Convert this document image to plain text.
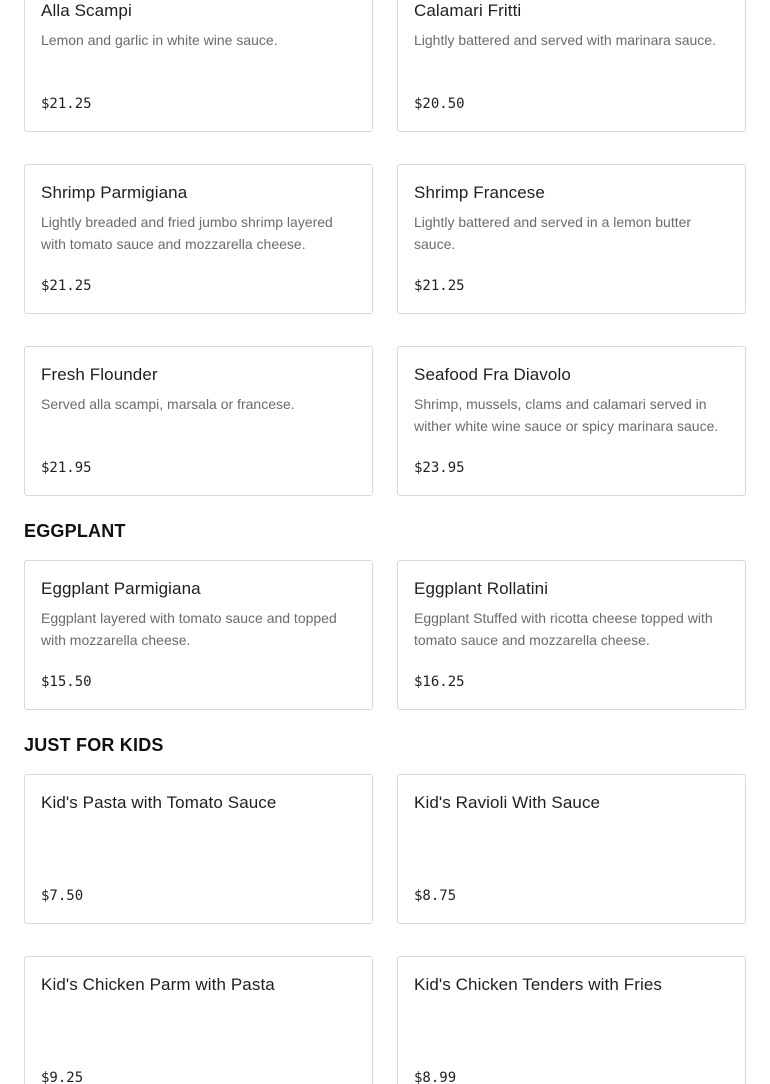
Alla Scampi
Lemon and garlic in white wine sauce.
$21.25
Calamari Fritti
Lightly battered and served with marinara sauce.
$20.50
Shrimp Parmigiana
Lightly breaded and fried jumbo shrimp layered with tomato sauce and mozzarella cheese.
$21.25
Shrimp Francese
Lightly battered and served in a lemon butter sauce.
$21.25
Fresh Flounder
Served alla scampi, marsala or francese.
$21.95
Seafood Fra Diavolo
Shrimp, mussels, clams and calamari served in wither white wine sauce or spicy marinara sauce.
$23.95
EGGPLANT
Eggplant Parmigiana
Eggplant layered with tomato sauce and topped with mozzarella cheese.
$15.50
Eggplant Rollatini
Eggplant Stuffed with ricotta cheese topped with tomato sauce and mozzarella cheese.
$16.25
JUST FOR KIDS
Kid's Pasta with Tomato Sauce
$7.50
Kid's Ravioli With Sauce
$8.75
Kid's Chicken Parm with Pasta
$9.25
Kid's Chicken Tenders with Fries
$8.99
